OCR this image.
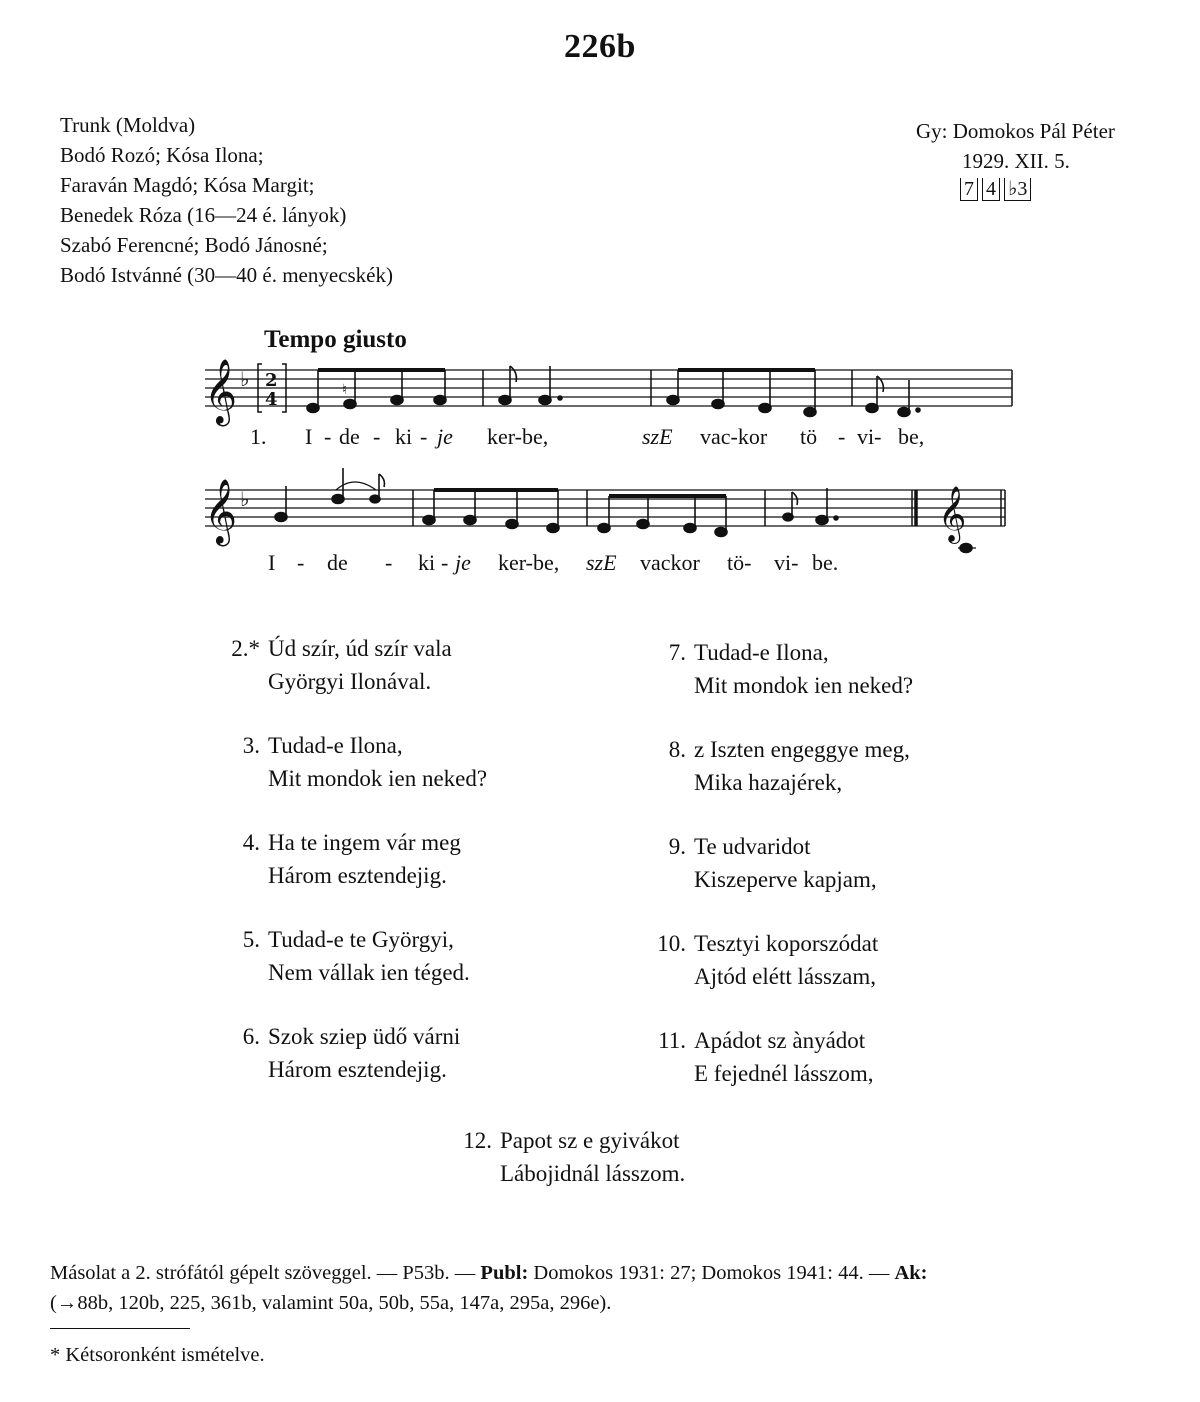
226b
Trunk (Moldva)
Bodó Rozó; Kósa Ilona;
Faraván Magdó; Kósa Margit;
Benedek Róza (16—24 é. lányok)
Szabó Ferencné; Bodó Jánosné;
Bodó Istvánné (30—40 é. menyecskék)
Gy: Domokos Pál Péter
1929. XII. 5.
7 4 ♭3
Tempo giusto
𝄞
𝄞	𝄞
♭
♭
2
4	♮
1. I - de - ki - je ker-be,	szE vac-kor tö - vi- be,
I - de - ki - je ker-be, szE vackor tö- vi- be.
2.* Úd szír, úd szír vala
Györgyi Ilonával.
3. Tudad-e Ilona,
Mit mondok ien neked?
4. Ha te ingem vár meg
Három esztendejig.
5. Tudad-e te Györgyi,
Nem vállak ien téged.
6. Szok sziep üdő várni
Három esztendejig.
7. Tudad-e Ilona,
Mit mondok ien neked?
8. z Iszten engeggye meg,
Mika hazajérek,
9. Te udvaridot
Kiszeperve kapjam,
10. Tesztyi koporszódat
Ajtód elétt lásszam,
11. Apádot sz ànyádot
E fejednél lásszom,
12. Papot sz e gyivákot
Lábojidnál lásszom.
Másolat a 2. strófától gépelt szöveggel. — P53b. — Publ: Domokos 1931: 27; Domokos 1941: 44. — Ak:
(→88b, 120b, 225, 361b, valamint 50a, 50b, 55a, 147a, 295a, 296e).
* Kétsoronként ismételve.
